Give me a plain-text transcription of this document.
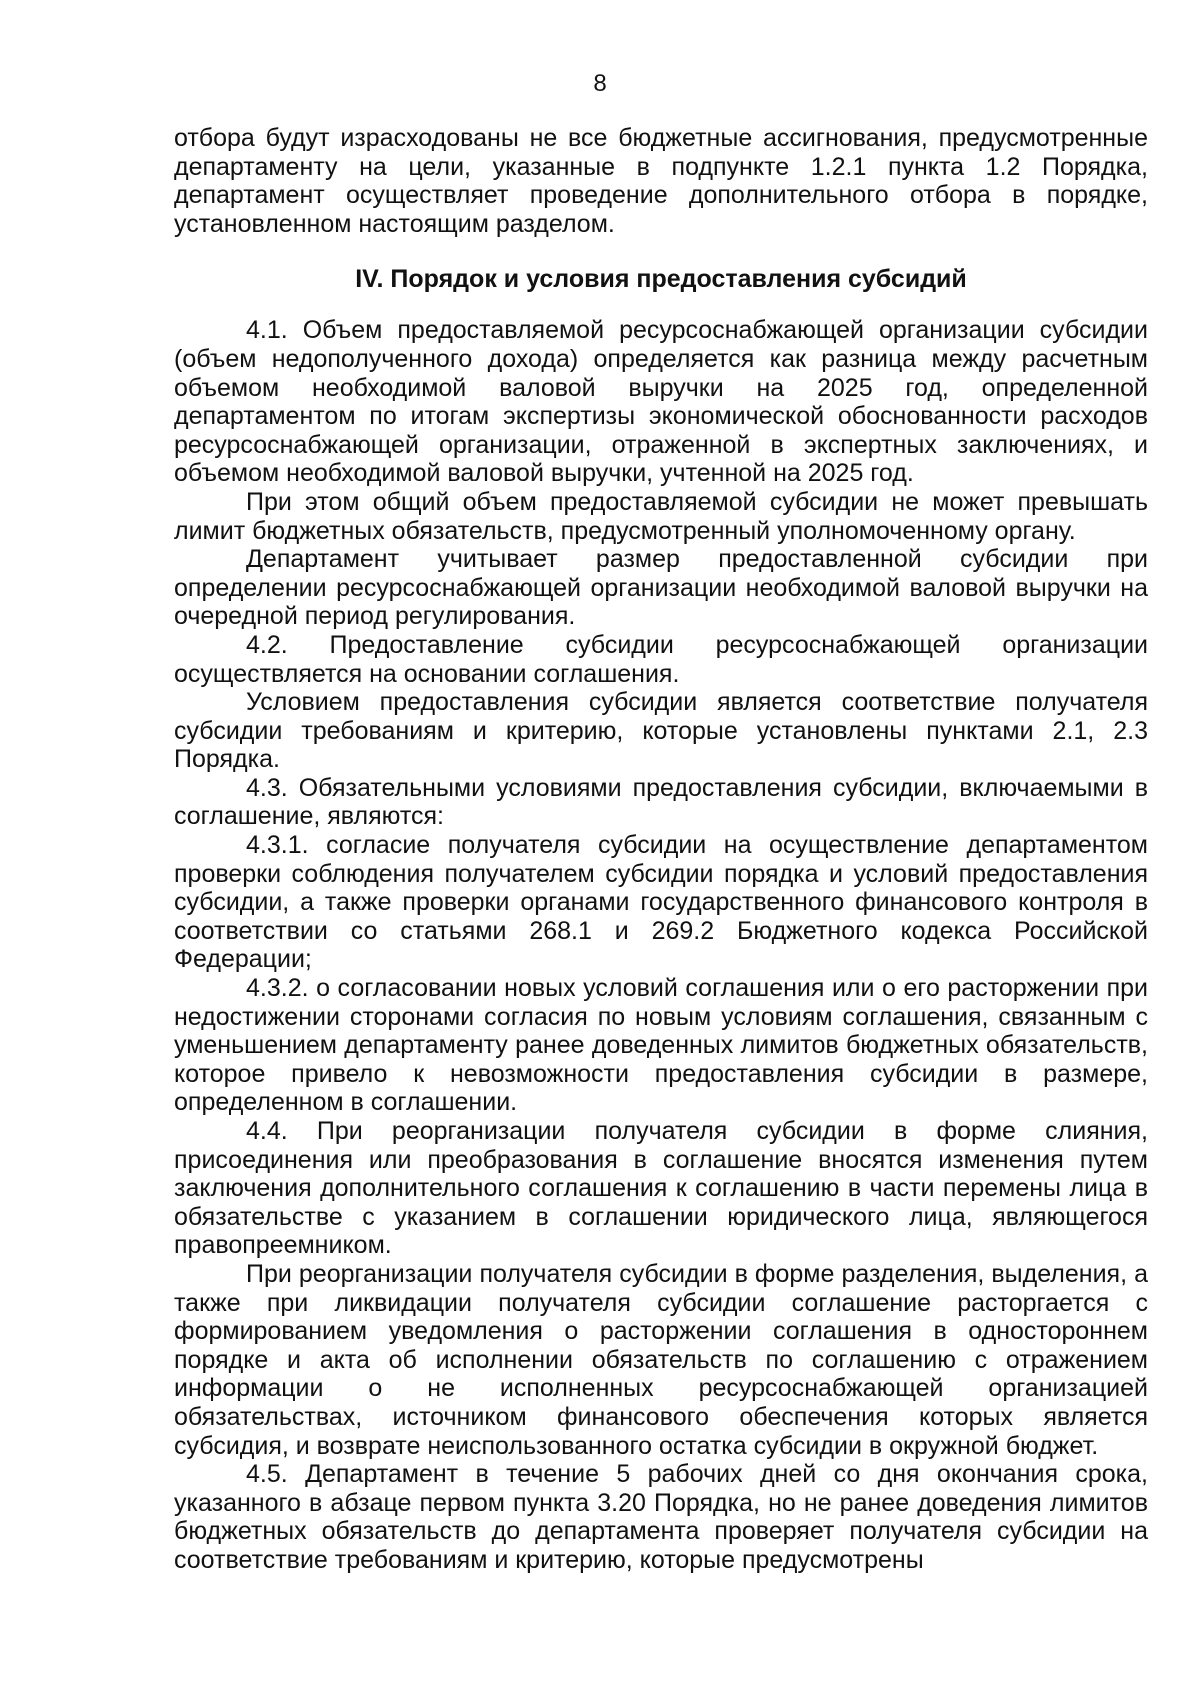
8

отбора будут израсходованы не все бюджетные ассигнования, предусмотренные департаменту на цели, указанные в подпункте 1.2.1 пункта 1.2 Порядка, департамент осуществляет проведение дополнительного отбора в порядке, установленном настоящим разделом.

IV. Порядок и условия предоставления субсидий

4.1. Объем предоставляемой ресурсоснабжающей организации субсидии (объем недополученного дохода) определяется как разница между расчетным объемом необходимой валовой выручки на 2025 год, определенной департаментом по итогам экспертизы экономической обоснованности расходов ресурсоснабжающей организации, отраженной в экспертных заключениях, и объемом необходимой валовой выручки, учтенной на 2025 год.

При этом общий объем предоставляемой субсидии не может превышать лимит бюджетных обязательств, предусмотренный уполномоченному органу.

Департамент учитывает размер предоставленной субсидии при определении ресурсоснабжающей организации необходимой валовой выручки на очередной период регулирования.

4.2. Предоставление субсидии ресурсоснабжающей организации осуществляется на основании соглашения.

Условием предоставления субсидии является соответствие получателя субсидии требованиям и критерию, которые установлены пунктами 2.1, 2.3 Порядка.

4.3. Обязательными условиями предоставления субсидии, включаемыми в соглашение, являются:

4.3.1. согласие получателя субсидии на осуществление департаментом проверки соблюдения получателем субсидии порядка и условий предоставления субсидии, а также проверки органами государственного финансового контроля в соответствии со статьями 268.1 и 269.2 Бюджетного кодекса Российской Федерации;

4.3.2. о согласовании новых условий соглашения или о его расторжении при недостижении сторонами согласия по новым условиям соглашения, связанным с уменьшением департаменту ранее доведенных лимитов бюджетных обязательств, которое привело к невозможности предоставления субсидии в размере, определенном в соглашении.

4.4. При реорганизации получателя субсидии в форме слияния, присоединения или преобразования в соглашение вносятся изменения путем заключения дополнительного соглашения к соглашению в части перемены лица в обязательстве с указанием в соглашении юридического лица, являющегося правопреемником.

При реорганизации получателя субсидии в форме разделения, выделения, а также при ликвидации получателя субсидии соглашение расторгается с формированием уведомления о расторжении соглашения в одностороннем порядке и акта об исполнении обязательств по соглашению с отражением информации о не исполненных ресурсоснабжающей организацией обязательствах, источником финансового обеспечения которых является субсидия, и возврате неиспользованного остатка субсидии в окружной бюджет.

4.5. Департамент в течение 5 рабочих дней со дня окончания срока, указанного в абзаце первом пункта 3.20 Порядка, но не ранее доведения лимитов бюджетных обязательств до департамента проверяет получателя субсидии на соответствие требованиям и критерию, которые предусмотрены
